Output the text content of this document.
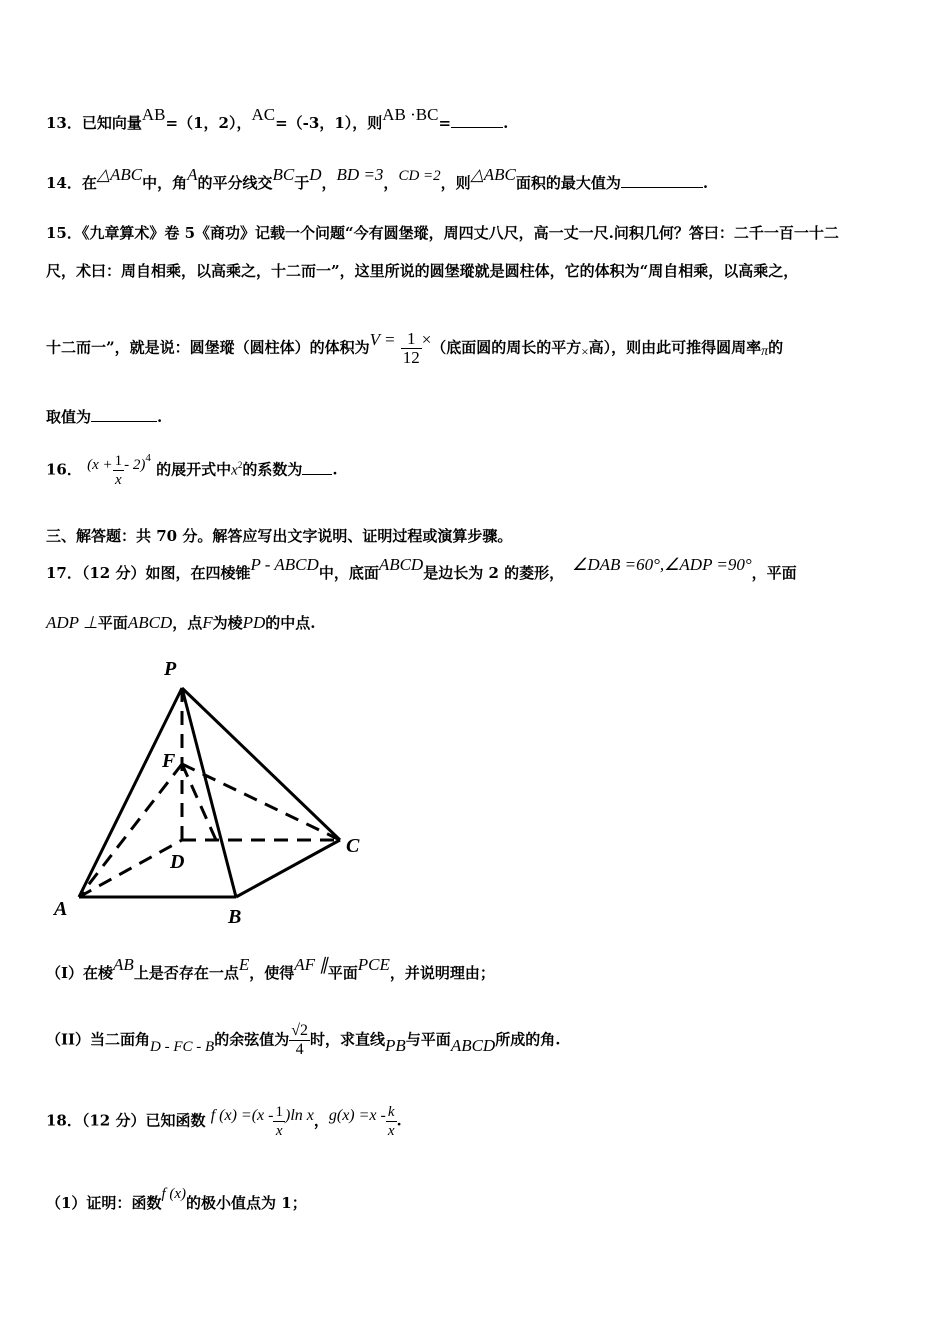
13．已知向量AB=（1，2），AC=（-3，1），则AB ·BC=	.
14．在△ABC中，角A的平分线交BC于D，BD =3，CD =2，则△ABC面积的最大值为	.
15．《九章算术》卷 5《商功》记载一个问题“今有圆堡瑽，周四丈八尺，高一丈一尺.问积几何？答曰：二千一百一十二
尺，术曰：周自相乘，以高乘之，十二而一”，这里所说的圆堡瑽就是圆柱体，它的体积为“周自相乘，以高乘之，
十二而一”，就是说：圆堡瑽（圆柱体）的体积为$V = \frac{1}{12}$ ×（底面圆的周长的平方×高），则由此可推得圆周率π的
取值为	.
16． $(x + \frac{1}{x} - 2)^4$ 的展开式中$x^2$的系数为 .
三、解答题：共 70 分。解答应写出文字说明、证明过程或演算步骤。
17．（12 分）如图，在四棱锥P - ABCD中，底面ABCD是边长为 2 的菱形， ∠DAB =60°,∠ADP =90°，平面
ADP ⊥平面ABCD，点F为棱PD的中点.
P
F
D
C
A	B
（I）在棱AB上是否存在一点E，使得AF ∥平面PCE，并说明理由；
（II）当二面角D - FC - B的余弦值为 $\frac{√2}{4}$ 时，求直线PB与平面ABCD所成的角.
18．（12 分）已知函数 f $(x) =(x - \frac{1}{x} )\ln$ x，$g(x) =x - \frac{k}{x}$ .
（1）证明：函数f (x)的极小值点为 1；
